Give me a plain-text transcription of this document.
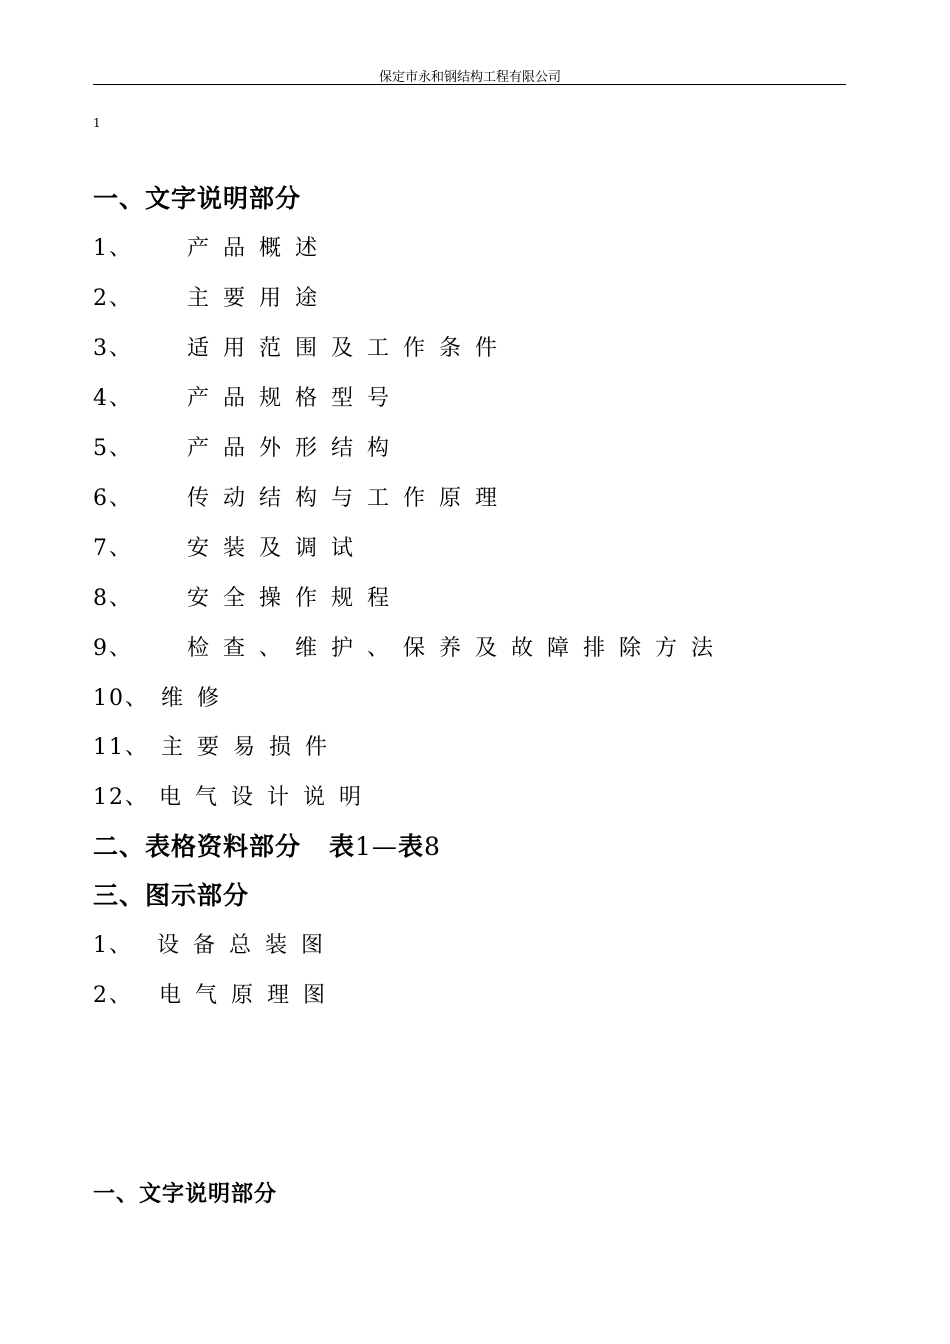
保定市永和钢结构工程有限公司
1
一、文字说明部分
1、 产品概述
2、 主要用途
3、 适用范围及工作条件
4、 产品规格型号
5、 产品外形结构
6、 传动结构与工作原理
7、 安装及调试
8、 安全操作规程
9、 检查、维护、保养及故障排除方法
10、 维修
11、 主要易损件
12、 电气设计说明
二、表格资料部分 表1—表8
三、图示部分
1、 设备总装图
2、 电气原理图
一、文字说明部分
